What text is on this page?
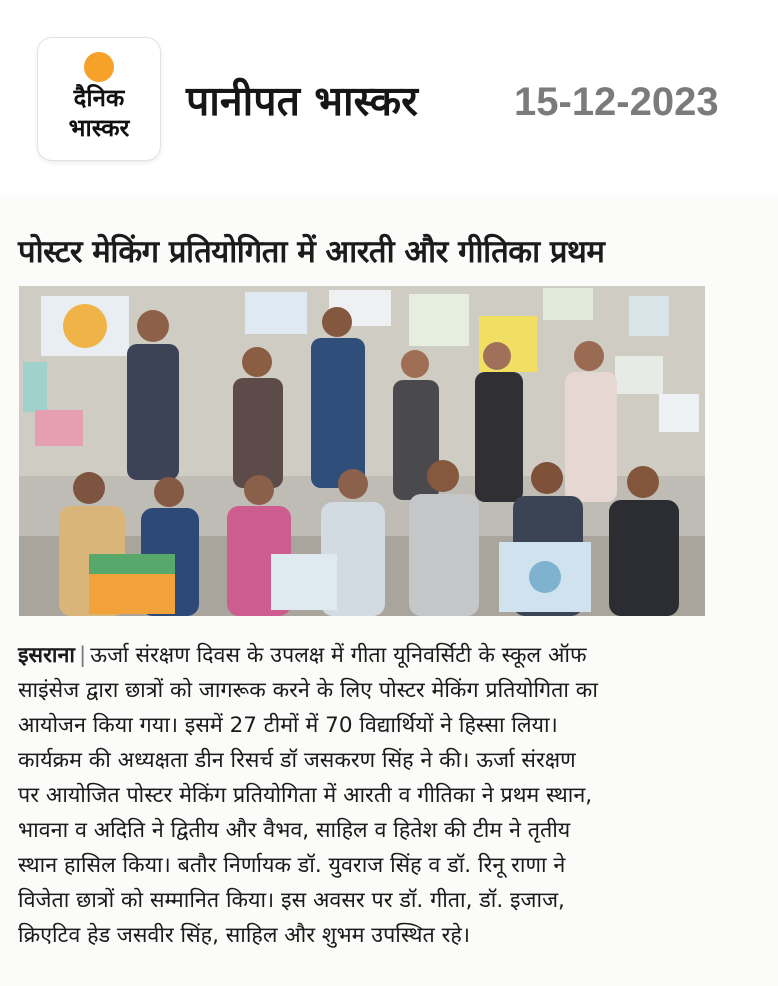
दैनिक
भास्कर
पानीपत भास्कर 15-12-2023
पोस्टर मेकिंग प्रतियोगिता में आरती और गीतिका प्रथम
इसराना | ऊर्जा संरक्षण दिवस के उपलक्ष में गीता यूनिवर्सिटी के स्कूल ऑफ
साइंसेज द्वारा छात्रों को जागरूक करने के लिए पोस्टर मेकिंग प्रतियोगिता का
आयोजन किया गया। इसमें 27 टीमों में 70 विद्यार्थियों ने हिस्सा लिया।
कार्यक्रम की अध्यक्षता डीन रिसर्च डॉ जसकरण सिंह ने की। ऊर्जा संरक्षण
पर आयोजित पोस्टर मेकिंग प्रतियोगिता में आरती व गीतिका ने प्रथम स्थान,
भावना व अदिति ने द्वितीय और वैभव, साहिल व हितेश की टीम ने तृतीय
स्थान हासिल किया। बतौर निर्णायक डॉ. युवराज सिंह व डॉ. रिनू राणा ने
विजेता छात्रों को सम्मानित किया। इस अवसर पर डॉ. गीता, डॉ. इजाज,
क्रिएटिव हेड जसवीर सिंह, साहिल और शुभम उपस्थित रहे।
